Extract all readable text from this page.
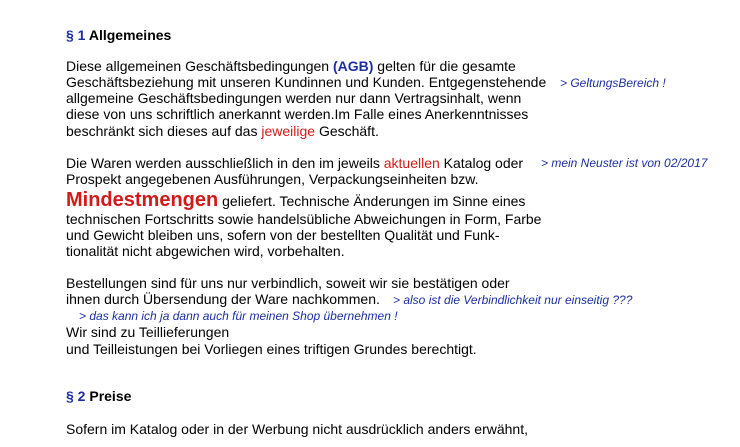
§ 1 Allgemeines
Diese allgemeinen Geschäftsbedingungen (AGB) gelten für die gesamte
Geschäftsbeziehung mit unseren Kundinnen und Kunden. Entgegenstehende
allgemeine Geschäftsbedingungen werden nur dann Vertragsinhalt, wenn
diese von uns schriftlich anerkannt werden.Im Falle eines Anerkenntnisses
beschränkt sich dieses auf das jeweilige Geschäft.
> GeltungsBereich !
Die Waren werden ausschließlich in den im jeweils aktuellen Katalog oder > mein Neuster ist von 02/2017
Prospekt angegebenen Ausführungen, Verpackungseinheiten bzw.
Mindestmengen geliefert. Technische Änderungen im Sinne eines
technischen Fortschritts sowie handelsübliche Abweichungen in Form, Farbe
und Gewicht bleiben uns, sofern von der bestellten Qualität und Funk-
tionalität nicht abgewichen wird, vorbehalten.
Bestellungen sind für uns nur verbindlich, soweit wir sie bestätigen oder
ihnen durch Übersendung der Ware nachkommen. > also ist die Verbindlichkeit nur einseitig ???
> das kann ich ja dann auch für meinen Shop übernehmen !
Wir sind zu Teillieferungen
und Teilleistungen bei Vorliegen eines triftigen Grundes berechtigt.
§ 2 Preise
Sofern im Katalog oder in der Werbung nicht ausdrücklich anders erwähnt,
